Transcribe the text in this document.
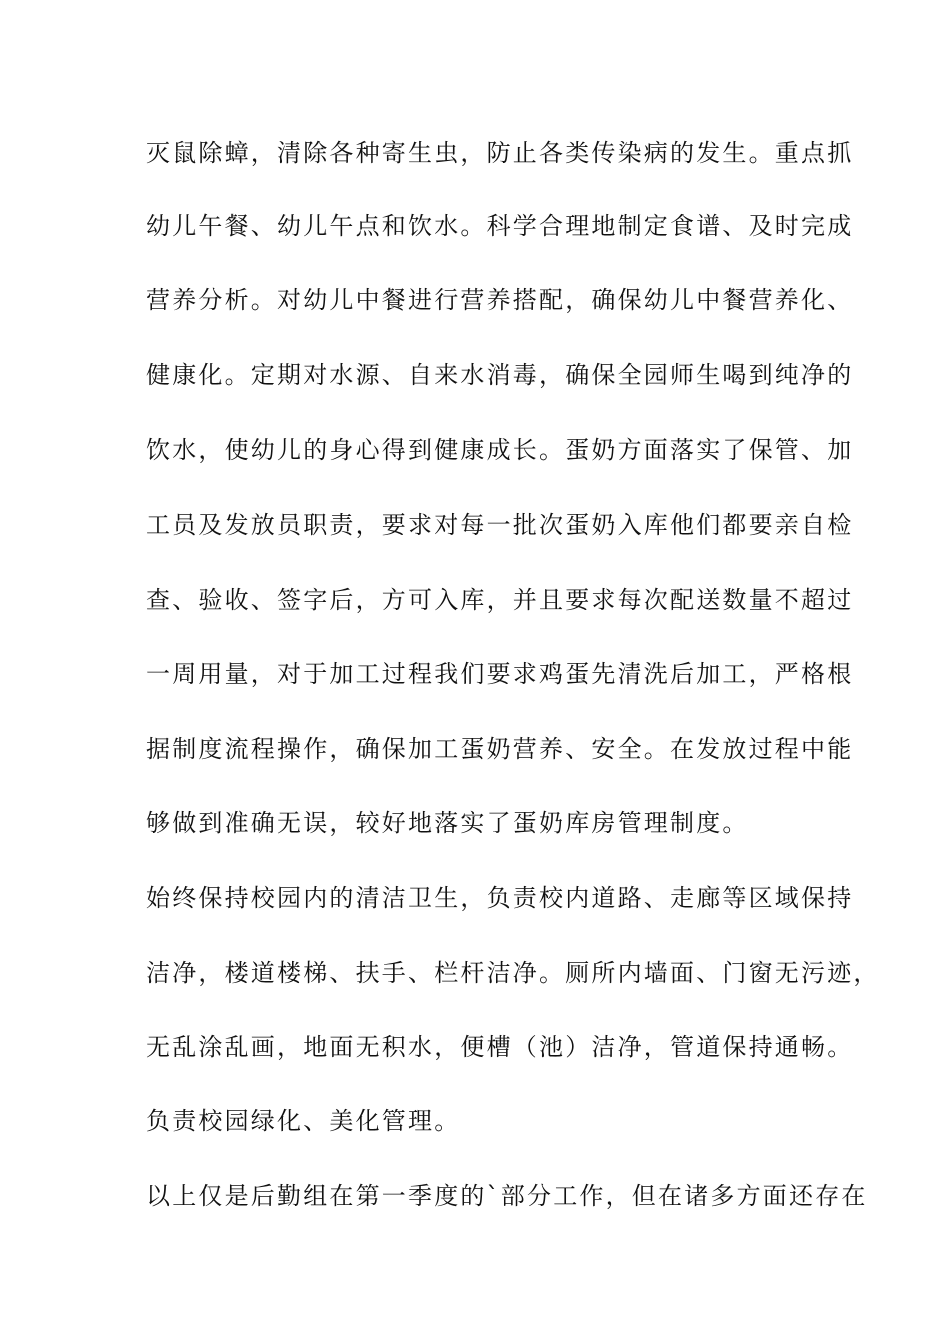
灭鼠除蟑，清除各种寄生虫，防止各类传染病的发生。重点抓
幼儿午餐、幼儿午点和饮水。科学合理地制定食谱、及时完成
营养分析。对幼儿中餐进行营养搭配，确保幼儿中餐营养化、
健康化。定期对水源、自来水消毒，确保全园师生喝到纯净的
饮水，使幼儿的身心得到健康成长。蛋奶方面落实了保管、加
工员及发放员职责，要求对每一批次蛋奶入库他们都要亲自检
查、验收、签字后，方可入库，并且要求每次配送数量不超过
一周用量，对于加工过程我们要求鸡蛋先清洗后加工，严格根
据制度流程操作，确保加工蛋奶营养、安全。在发放过程中能
够做到准确无误，较好地落实了蛋奶库房管理制度。
始终保持校园内的清洁卫生，负责校内道路、走廊等区域保持
洁净，楼道楼梯、扶手、栏杆洁净。厕所内墙面、门窗无污迹，
无乱涂乱画，地面无积水，便槽（池）洁净，管道保持通畅。
负责校园绿化、美化管理。
以上仅是后勤组在第一季度的`部分工作，但在诸多方面还存在
